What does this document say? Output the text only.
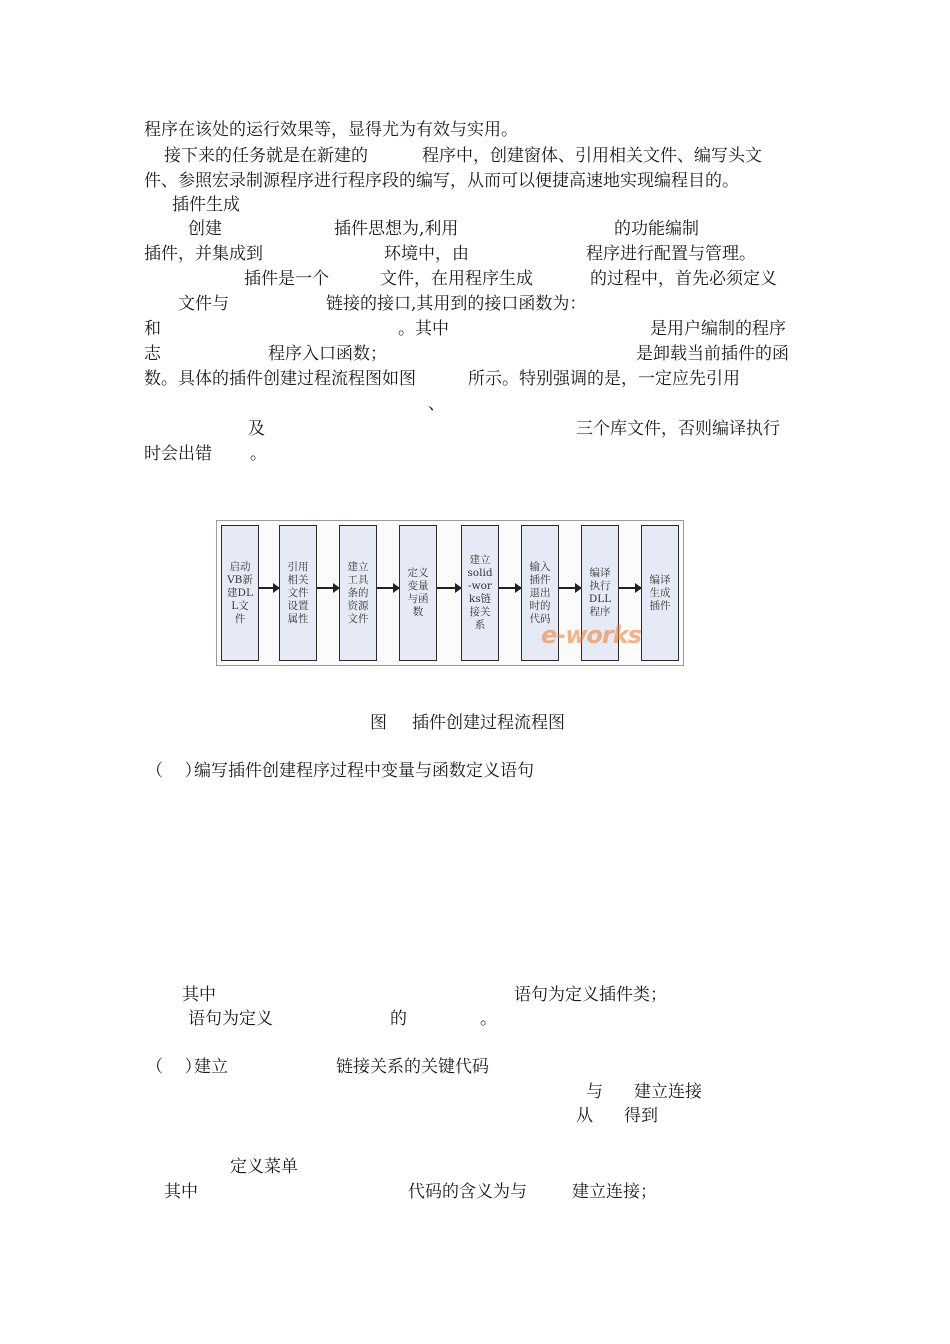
程序在该处的运行效果等，显得尤为有效与实用。
接下来的任务就是在新建的	程序中，创建窗体、引用相关文件、编写头文
件、参照宏录制源程序进行程序段的编写，从而可以便捷高速地实现编程目的。
插件生成
创建	插件思想为,利用	的功能编制
插件，并集成到	环境中，由	程序进行配置与管理。
插件是一个	文件，在用程序生成	的过程中，首先必须定义
文件与	链接的接口,其用到的接口函数为：
和	。其中	是用户编制的程序
志	程序入口函数；	是卸载当前插件的函
数。具体的插件创建过程流程图如图	所示。特别强调的是，一定应先引用
、
及	三个库文件，否则编译执行
时会出错 。
启动VB新建DLL文件
引用相关文件设置属性
建立工具条的资源文件
定义变量与函数
建立solid-works链接关系
输入插件退出时的代码
编译执行DLL程序
编译生成插件
e-works
图 插件创建过程流程图
（    ）
编写插件创建程序过程中变量与函数定义语句
其中	语句为定义插件类；
语句为定义	的	。
（    ）
建立	链接关系的关键代码
与 建立连接
从 得到
定义菜单
其中	代码的含义为与	建立连接；
